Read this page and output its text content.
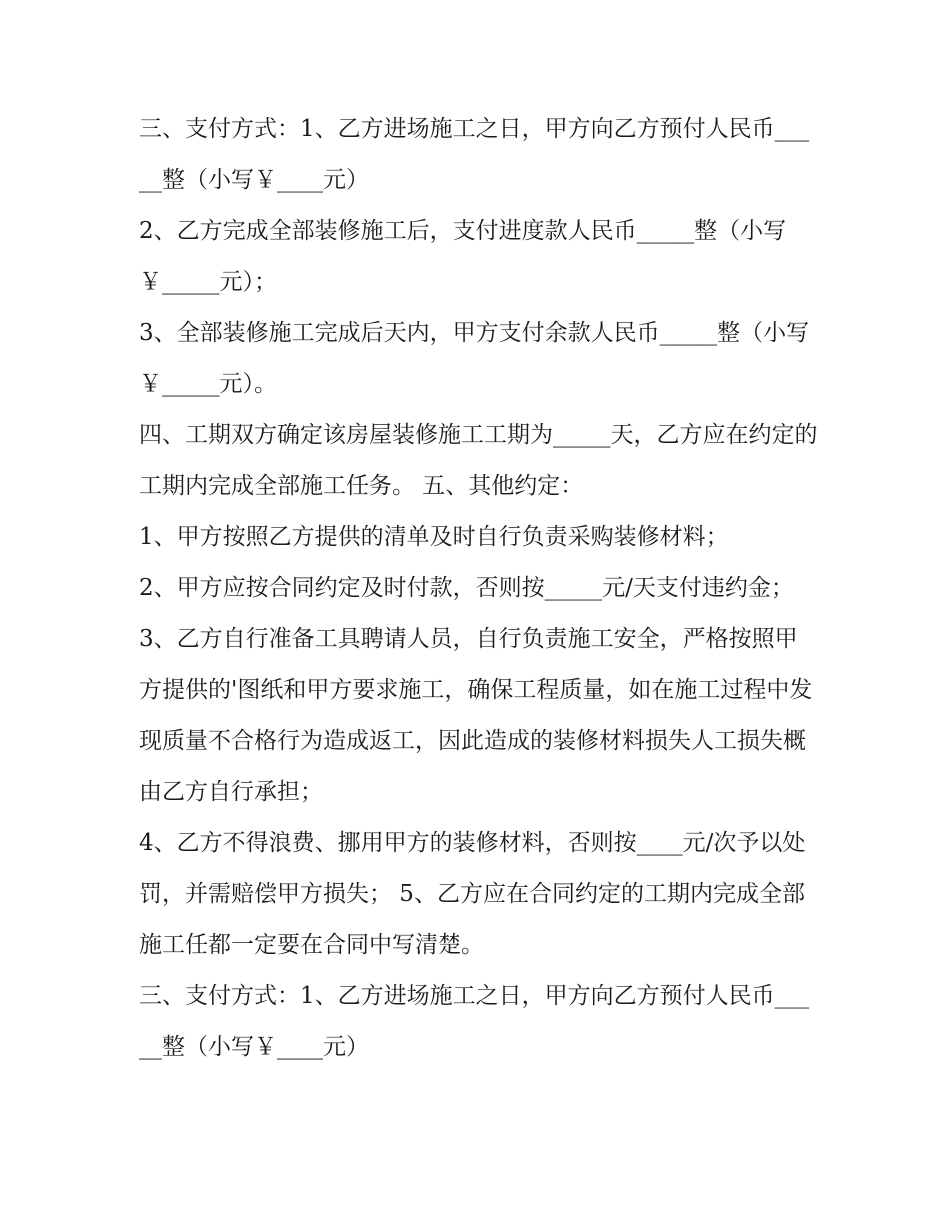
三、支付方式：1、乙方进场施工之日，甲方向乙方预付人民币_____整（小写￥____元）

2、乙方完成全部装修施工后，支付进度款人民币_____整（小写￥_____元）；

3、全部装修施工完成后天内，甲方支付余款人民币_____整（小写￥_____元）。

四、工期双方确定该房屋装修施工工期为_____天，乙方应在约定的工期内完成全部施工任务。 五、其他约定：

1、甲方按照乙方提供的清单及时自行负责采购装修材料；

2、甲方应按合同约定及时付款，否则按_____元/天支付违约金；

3、乙方自行准备工具聘请人员，自行负责施工安全，严格按照甲方提供的'图纸和甲方要求施工，确保工程质量，如在施工过程中发现质量不合格行为造成返工，因此造成的装修材料损失人工损失概由乙方自行承担；

4、乙方不得浪费、挪用甲方的装修材料，否则按____元/次予以处罚，并需赔偿甲方损失； 5、乙方应在合同约定的工期内完成全部施工任都一定要在合同中写清楚。

三、支付方式：1、乙方进场施工之日，甲方向乙方预付人民币_____整（小写￥____元）
